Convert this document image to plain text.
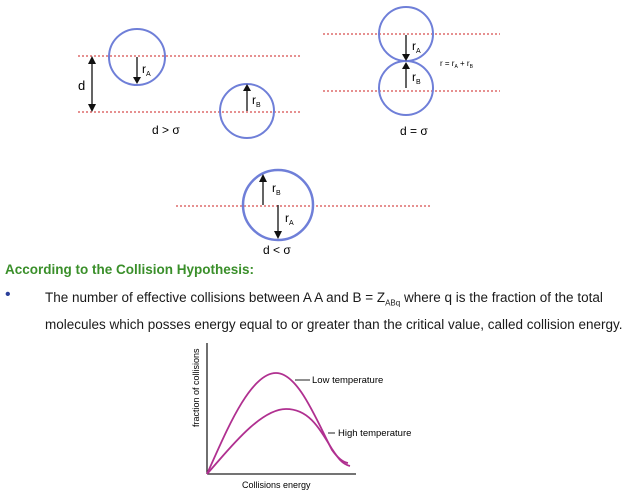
d
$r_A$
$r_B$
d > σ
$r_A$
$r_B$
$r = r_A + r_B$
d = σ
$r_B$
$r_A$
d < σ
According to the Collision Hypothesis:
•	The number of effective collisions between A A and $B = Z_{ABq}$ where q is the fraction of the total
molecules which posses energy equal to or greater than the critical value, called collision energy.
fraction of collisions
Collisions energy
Low temperature
High temperature
